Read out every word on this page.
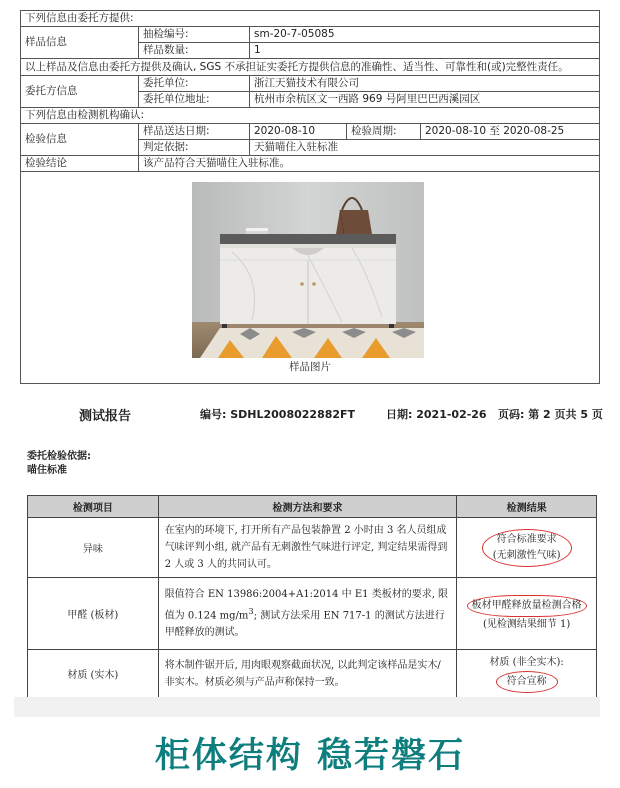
下列信息由委托方提供:
样品信息
抽检编号:	sm-20-7-05085
样品数量:	1
以上样品及信息由委托方提供及确认, SGS 不承担证实委托方提供信息的准确性、适当性、可靠性和(或)完整性责任。
委托方信息
委托单位:	浙江天猫技术有限公司
委托单位地址:	杭州市余杭区文一西路 969 号阿里巴巴西溪园区
下列信息由检测机构确认:
检验信息
样品送达日期:	2020-08-10	检验周期:	2020-08-10 至 2020-08-25
判定依据:	天猫喵住入驻标准
检验结论	该产品符合天猫喵住入驻标准。
样品图片
测试报告	编号: SDHL2008022882FT	日期: 2021-02-26 页码: 第 2 页共 5 页
委托检验依据:
喵住标准
检测项目	检测方法和要求	检测结果
异味	在室内的环境下, 打开所有产品包装静置 2 小时由 3 名人员组成气味评判小组, 就产品有无刺激性气味进行评定, 判定结果需得到 2 人或 3 人的共同认可。	符合标准要求
(无刺激性气味)

甲醛 (板材)	限值符合 EN 13986:2004+A1:2014 中 E1 类板材的要求, 限值为 0.124 $mg/m^3$; 测试方法采用 EN 717-1 的测试方法进行甲醛释放的测试。	板材甲醛释放量检测合格
(见检测结果细节 1)

材质 (实木)	将木制件锯开后, 用肉眼观察截面状况, 以此判定该样品是实木/非实木。材质必须与产品声称保持一致。	材质 (非全实木):
符合宣称
柜体结构 稳若磐石
